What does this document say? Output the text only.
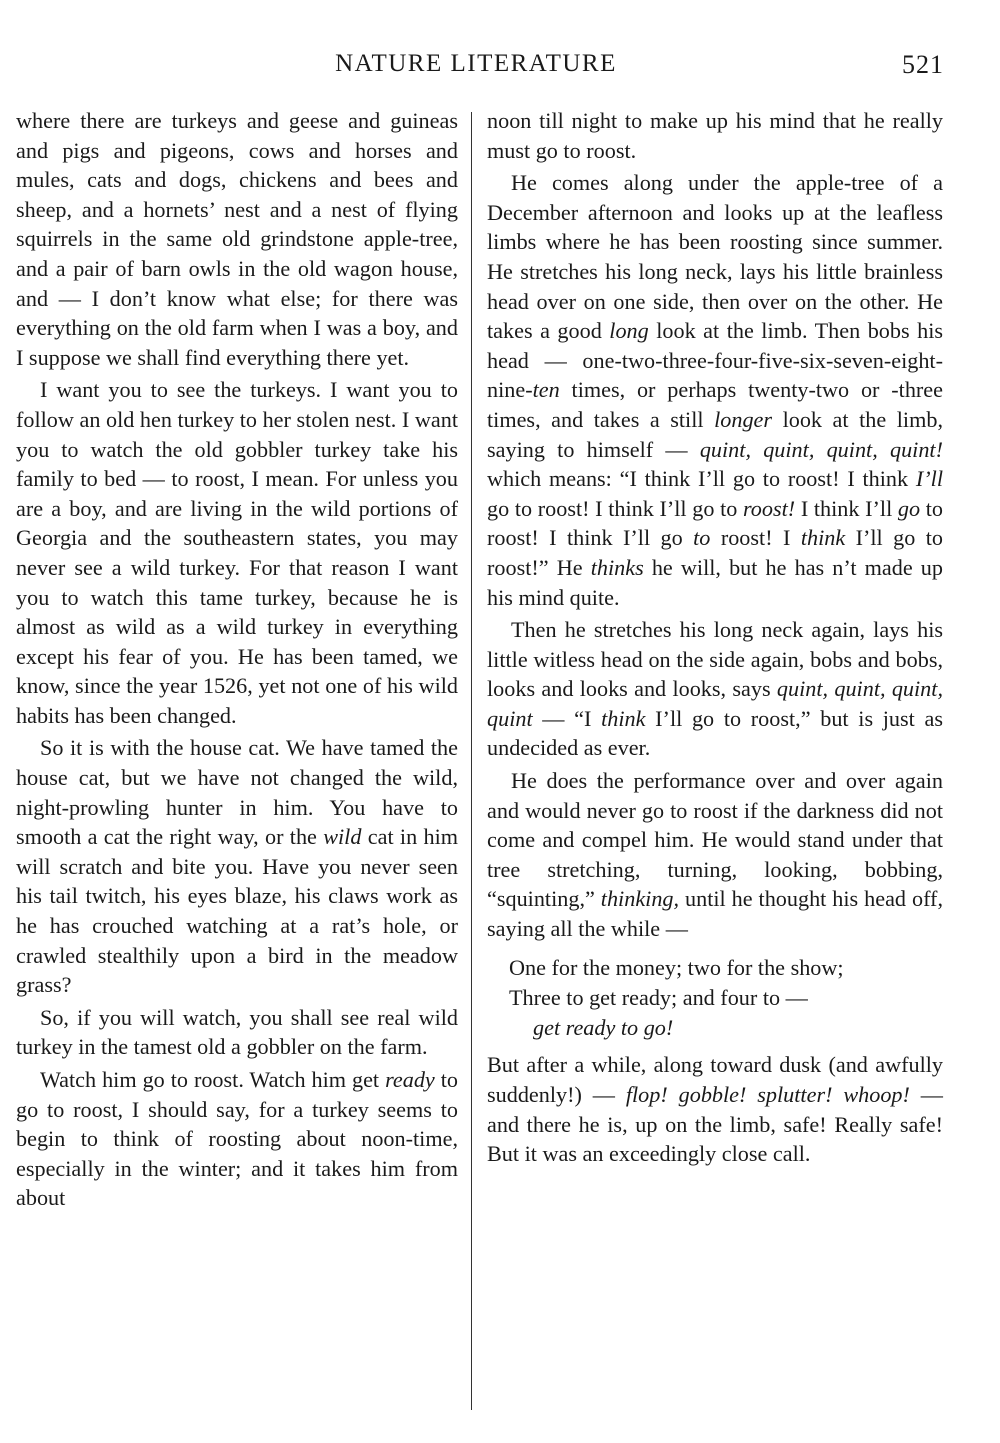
NATURE LITERATURE	521

where there are turkeys and geese and guineas and pigs and pigeons, cows and horses and mules, cats and dogs, chickens and bees and sheep, and a hornets’ nest and a nest of flying squirrels in the same old grindstone apple-tree, and a pair of barn owls in the old wagon house, and — I don’t know what else; for there was everything on the old farm when I was a boy, and I suppose we shall find everything there yet.

I want you to see the turkeys. I want you to follow an old hen turkey to her stolen nest. I want you to watch the old gobbler turkey take his family to bed — to roost, I mean. For unless you are a boy, and are living in the wild portions of Georgia and the southeastern states, you may never see a wild turkey. For that reason I want you to watch this tame turkey, because he is almost as wild as a wild turkey in everything except his fear of you. He has been tamed, we know, since the year 1526, yet not one of his wild habits has been changed.

So it is with the house cat. We have tamed the house cat, but we have not changed the wild, night-prowling hunter in him. You have to smooth a cat the right way, or the wild cat in him will scratch and bite you. Have you never seen his tail twitch, his eyes blaze, his claws work as he has crouched watching at a rat’s hole, or crawled stealthily upon a bird in the meadow grass?

So, if you will watch, you shall see real wild turkey in the tamest old a gobbler on the farm.

Watch him go to roost. Watch him get ready to go to roost, I should say, for a turkey seems to begin to think of roosting about noon-time, especially in the winter; and it takes him from about

noon till night to make up his mind that he really must go to roost.

He comes along under the apple-tree of a December afternoon and looks up at the leafless limbs where he has been roosting since summer. He stretches his long neck, lays his little brainless head over on one side, then over on the other. He takes a good long look at the limb. Then bobs his head — one-two-three-four-five-six-seven-eight-nine-ten times, or perhaps twenty-two or -three times, and takes a still longer look at the limb, saying to himself — quint, quint, quint, quint! which means: “I think I’ll go to roost! I think I’ll go to roost! I think I’ll go to roost! I think I’ll go to roost! I think I’ll go to roost! I think I’ll go to roost!” He thinks he will, but he has n’t made up his mind quite.

Then he stretches his long neck again, lays his little witless head on the side again, bobs and bobs, looks and looks and looks, says quint, quint, quint, quint — “I think I’ll go to roost,” but is just as undecided as ever.

He does the performance over and over again and would never go to roost if the darkness did not come and compel him. He would stand under that tree stretching, turning, looking, bobbing, “squinting,” thinking, until he thought his head off, saying all the while —

One for the money; two for the show;
Three to get ready; and four to —
get ready to go!

But after a while, along toward dusk (and awfully suddenly!) — flop! gobble! splutter! whoop! — and there he is, up on the limb, safe! Really safe! But it was an exceedingly close call.
